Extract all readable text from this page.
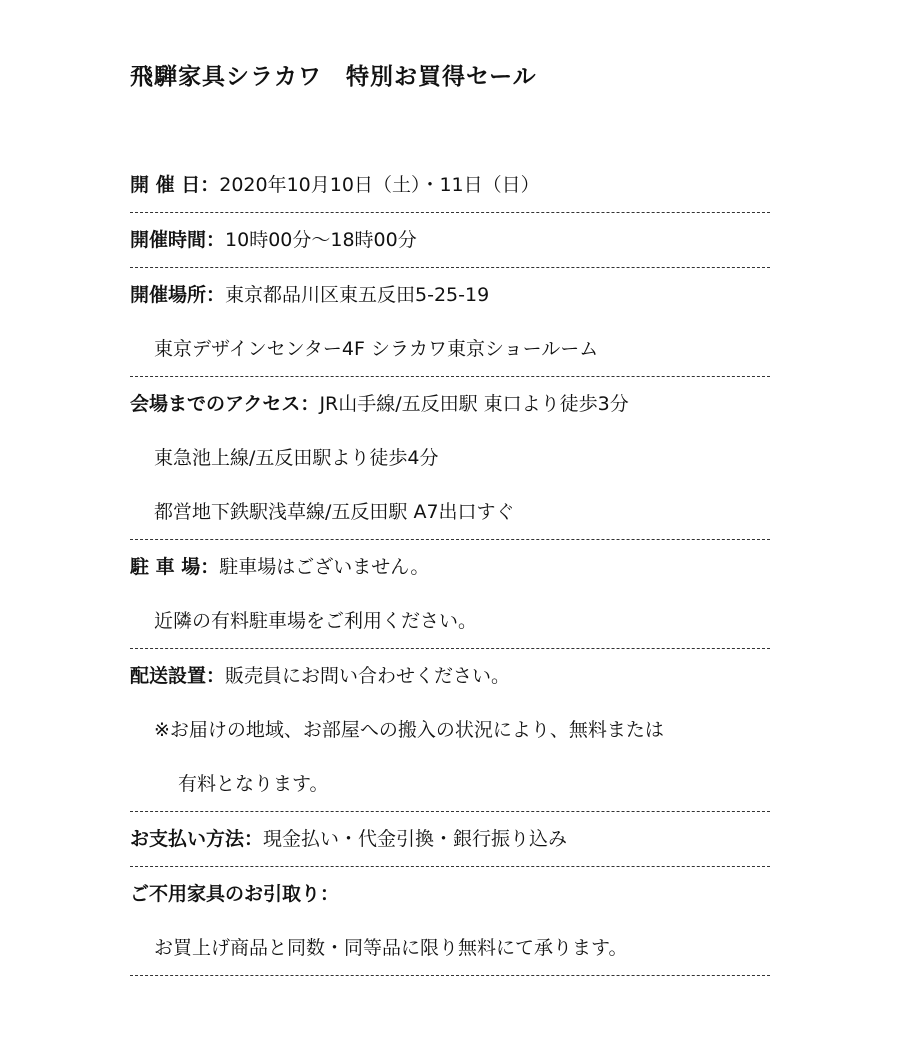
飛騨家具シラカワ　特別お買得セール
開 催 日：2020年10月10日（土）・11日（日）
開催時間：10時00分～18時00分
開催場所：東京都品川区東五反田5-25-19
東京デザインセンター4F シラカワ東京ショールーム
会場までのアクセス：JR山手線/五反田駅 東口より徒歩3分
東急池上線/五反田駅より徒歩4分
都営地下鉄駅浅草線/五反田駅 A7出口すぐ
駐 車 場：駐車場はございません。
近隣の有料駐車場をご利用ください。
配送設置：販売員にお問い合わせください。
※お届けの地域、お部屋への搬入の状況により、無料または
有料となります。
お支払い方法：現金払い・代金引換・銀行振り込み
ご不用家具のお引取り：
お買上げ商品と同数・同等品に限り無料にて承ります。
